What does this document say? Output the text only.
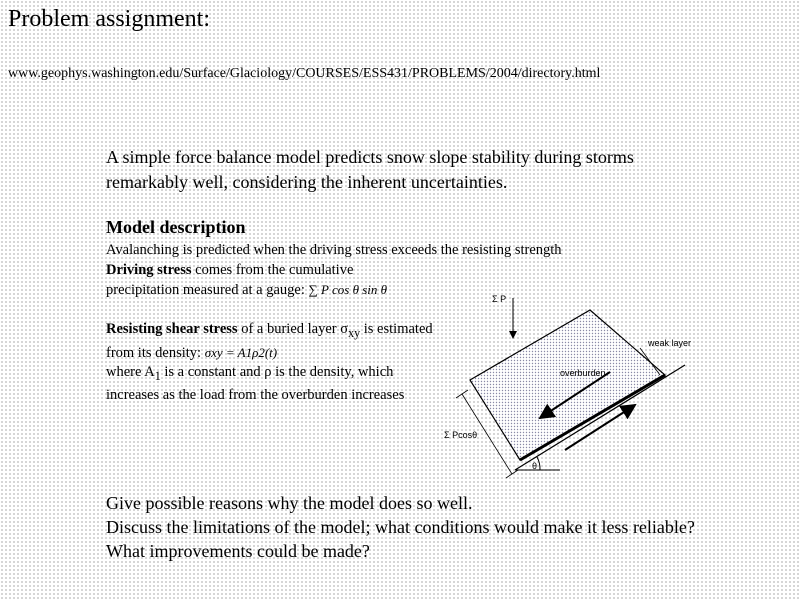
Problem assignment:
www.geophys.washington.edu/Surface/Glaciology/COURSES/ESS431/PROBLEMS/2004/directory.html
A simple force balance model predicts snow slope stability during storms remarkably well, considering the inherent uncertainties.
Model description
Avalanching is predicted when the driving stress exceeds the resisting strength
Driving stress comes from the cumulative precipitation measured at a gauge: ∑ P cos θ sin θ
Resisting shear stress of a buried layer $\sigma_{xy}$ is estimated from its density: σxy = A1ρ2(t)
where $A_1$ is a constant and ρ is the density, which increases as the load from the overburden increases
Σ P
weak layer
overburden
Σ Pcosθ
θ
Give possible reasons why the model does so well.
Discuss the limitations of the model; what conditions would make it less reliable?
What improvements could be made?
